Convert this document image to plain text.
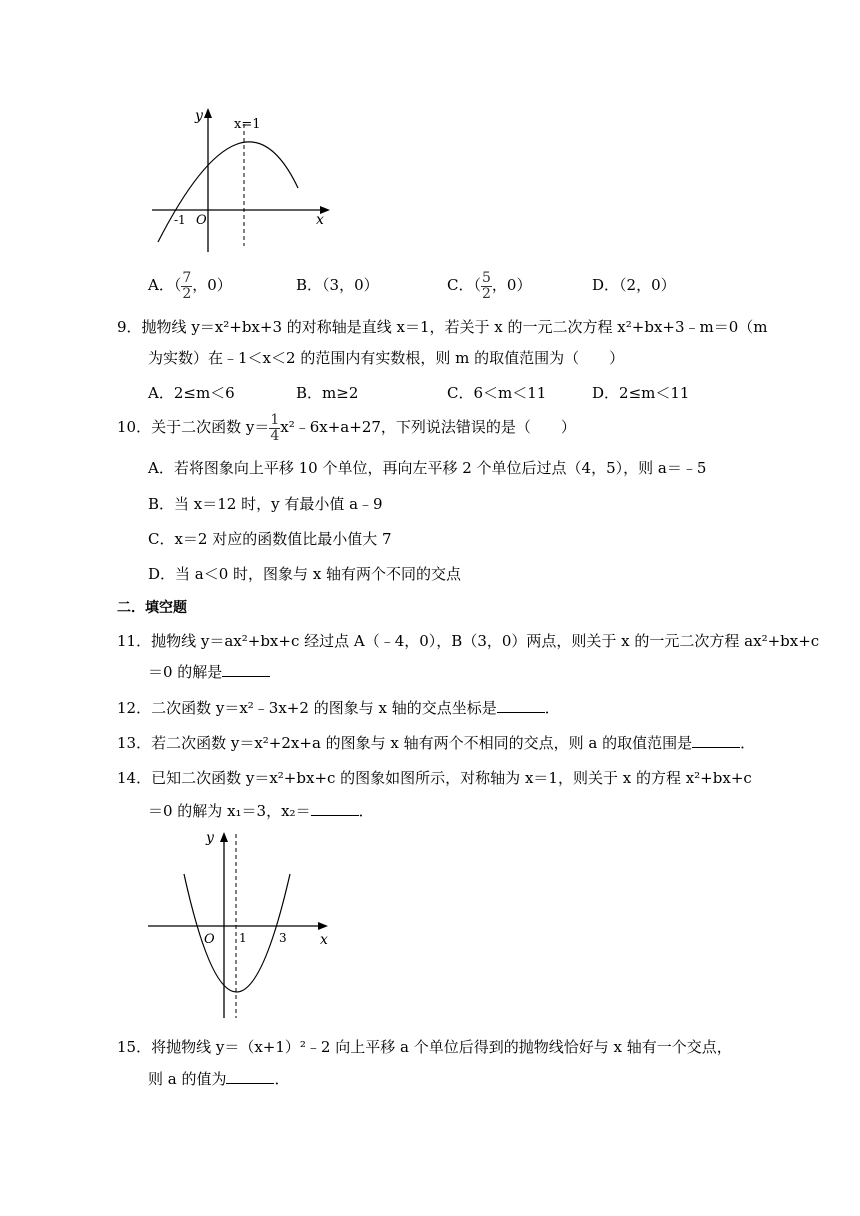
y
x=1
-1 O	x
A．（ $\frac{7}{2}$ ，0）	B．（3，0）	C．（ $\frac{5}{2}$ ，0）	D．（2，0）
9．抛物线 y＝x²+bx+3 的对称轴是直线 x＝1，若关于 x 的一元二次方程 x²+bx+3﹣m＝0（m
为实数）在﹣1＜x＜2 的范围内有实数根，则 m 的取值范围为（　　）
A．2≤m＜6	B．m≥2	C．6＜m＜11	D．2≤m＜11
10．关于二次函数 $y= \frac{1}{4}$ x²﹣6x+a+27，下列说法错误的是（　　）
A．若将图象向上平移 10 个单位，再向左平移 2 个单位后过点（4，5），则 a＝﹣5
B．当 x＝12 时，y 有最小值 a﹣9
C．x＝2 对应的函数值比最小值大 7
D．当 a＜0 时，图象与 x 轴有两个不同的交点
二．填空题
11．抛物线 y＝ax²+bx+c 经过点 A（﹣4，0），B（3，0）两点，则关于 x 的一元二次方程 ax²+bx+c
＝0 的解是
12．二次函数 y＝x²﹣3x+2 的图象与 x 轴的交点坐标是	．
13．若二次函数 y＝x²+2x+a 的图象与 x 轴有两个不相同的交点，则 a 的取值范围是	．
14．已知二次函数 y＝x²+bx+c 的图象如图所示，对称轴为 x＝1，则关于 x 的方程 x²+bx+c
＝0 的解为 x₁＝3，x₂＝	．
y
O 1	3 x
15．将抛物线 y＝（x+1）²﹣2 向上平移 a 个单位后得到的抛物线恰好与 x 轴有一个交点，
则 a 的值为	．
